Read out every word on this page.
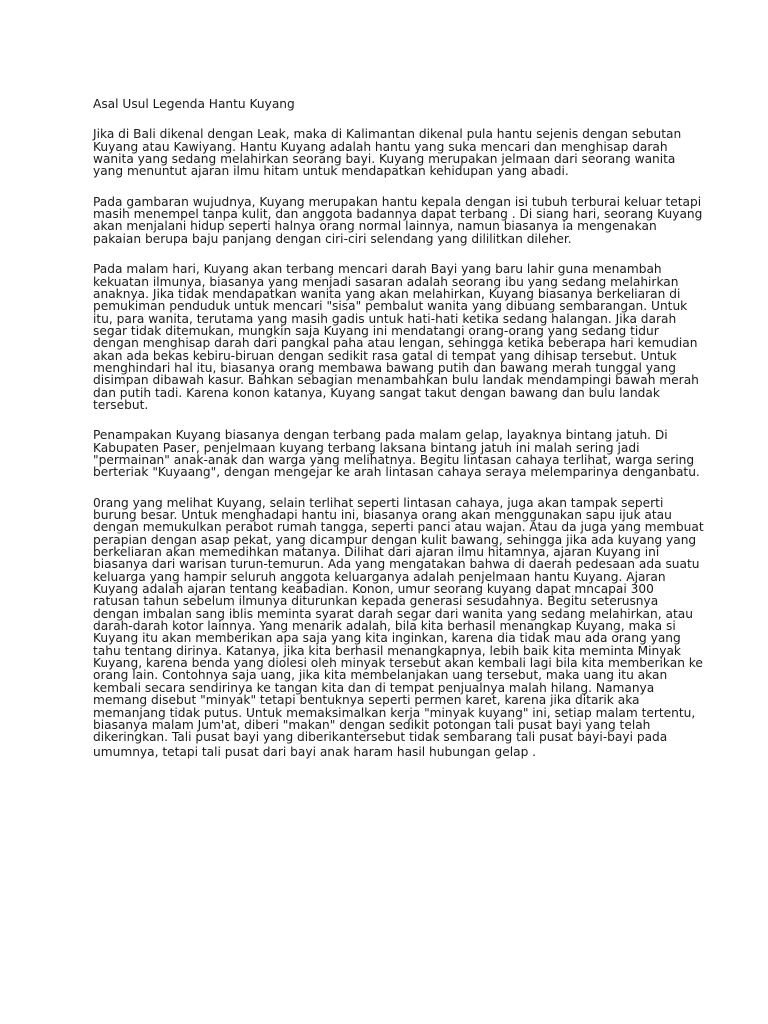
Asal Usul Legenda Hantu Kuyang

Jika di Bali dikenal dengan Leak, maka di Kalimantan dikenal pula hantu sejenis dengan sebutan
Kuyang atau Kawiyang. Hantu Kuyang adalah hantu yang suka mencari dan menghisap darah
wanita yang sedang melahirkan seorang bayi. Kuyang merupakan jelmaan dari seorang wanita
yang menuntut ajaran ilmu hitam untuk mendapatkan kehidupan yang abadi.

Pada gambaran wujudnya, Kuyang merupakan hantu kepala dengan isi tubuh terburai keluar tetapi
masih menempel tanpa kulit, dan anggota badannya dapat terbang . Di siang hari, seorang Kuyang
akan menjalani hidup seperti halnya orang normal lainnya, namun biasanya ia mengenakan
pakaian berupa baju panjang dengan ciri-ciri selendang yang dililitkan dileher.

Pada malam hari, Kuyang akan terbang mencari darah Bayi yang baru lahir guna menambah
kekuatan ilmunya, biasanya yang menjadi sasaran adalah seorang ibu yang sedang melahirkan
anaknya. Jika tidak mendapatkan wanita yang akan melahirkan, Kuyang biasanya berkeliaran di
pemukiman penduduk untuk mencari "sisa" pembalut wanita yang dibuang sembarangan. Untuk
itu, para wanita, terutama yang masih gadis untuk hati-hati ketika sedang halangan. Jika darah
segar tidak ditemukan, mungkin saja Kuyang ini mendatangi orang-orang yang sedang tidur
dengan menghisap darah dari pangkal paha atau lengan, sehingga ketika beberapa hari kemudian
akan ada bekas kebiru-biruan dengan sedikit rasa gatal di tempat yang dihisap tersebut. Untuk
menghindari hal itu, biasanya orang membawa bawang putih dan bawang merah tunggal yang
disimpan dibawah kasur. Bahkan sebagian menambahkan bulu landak mendampingi bawah merah
dan putih tadi. Karena konon katanya, Kuyang sangat takut dengan bawang dan bulu landak
tersebut.

Penampakan Kuyang biasanya dengan terbang pada malam gelap, layaknya bintang jatuh. Di
Kabupaten Paser, penjelmaan kuyang terbang laksana bintang jatuh ini malah sering jadi
"permainan" anak-anak dan warga yang melihatnya. Begitu lintasan cahaya terlihat, warga sering
berteriak "Kuyaang", dengan mengejar ke arah lintasan cahaya seraya melemparinya denganbatu.

0rang yang melihat Kuyang, selain terlihat seperti lintasan cahaya, juga akan tampak seperti
burung besar. Untuk menghadapi hantu ini, biasanya orang akan menggunakan sapu ijuk atau
dengan memukulkan perabot rumah tangga, seperti panci atau wajan. Atau da juga yang membuat
perapian dengan asap pekat, yang dicampur dengan kulit bawang, sehingga jika ada kuyang yang
berkeliaran akan memedihkan matanya. Dilihat dari ajaran ilmu hitamnya, ajaran Kuyang ini
biasanya dari warisan turun-temurun. Ada yang mengatakan bahwa di daerah pedesaan ada suatu
keluarga yang hampir seluruh anggota keluarganya adalah penjelmaan hantu Kuyang. Ajaran
Kuyang adalah ajaran tentang keabadian. Konon, umur seorang kuyang dapat mncapai 300
ratusan tahun sebelum ilmunya diturunkan kepada generasi sesudahnya. Begitu seterusnya
dengan imbalan sang iblis meminta syarat darah segar dari wanita yang sedang melahirkan, atau
darah-darah kotor lainnya. Yang menarik adalah, bila kita berhasil menangkap Kuyang, maka si
Kuyang itu akan memberikan apa saja yang kita inginkan, karena dia tidak mau ada orang yang
tahu tentang dirinya. Katanya, jika kita berhasil menangkapnya, lebih baik kita meminta Minyak
Kuyang, karena benda yang diolesi oleh minyak tersebut akan kembali lagi bila kita memberikan ke
orang lain. Contohnya saja uang, jika kita membelanjakan uang tersebut, maka uang itu akan
kembali secara sendirinya ke tangan kita dan di tempat penjualnya malah hilang. Namanya
memang disebut "minyak" tetapi bentuknya seperti permen karet, karena jika ditarik aka
memanjang tidak putus. Untuk memaksimalkan kerja "minyak kuyang" ini, setiap malam tertentu,
biasanya malam Jum'at, diberi "makan" dengan sedikit potongan tali pusat bayi yang telah
dikeringkan. Tali pusat bayi yang diberikantersebut tidak sembarang tali pusat bayi-bayi pada
umumnya, tetapi tali pusat dari bayi anak haram hasil hubungan gelap .
